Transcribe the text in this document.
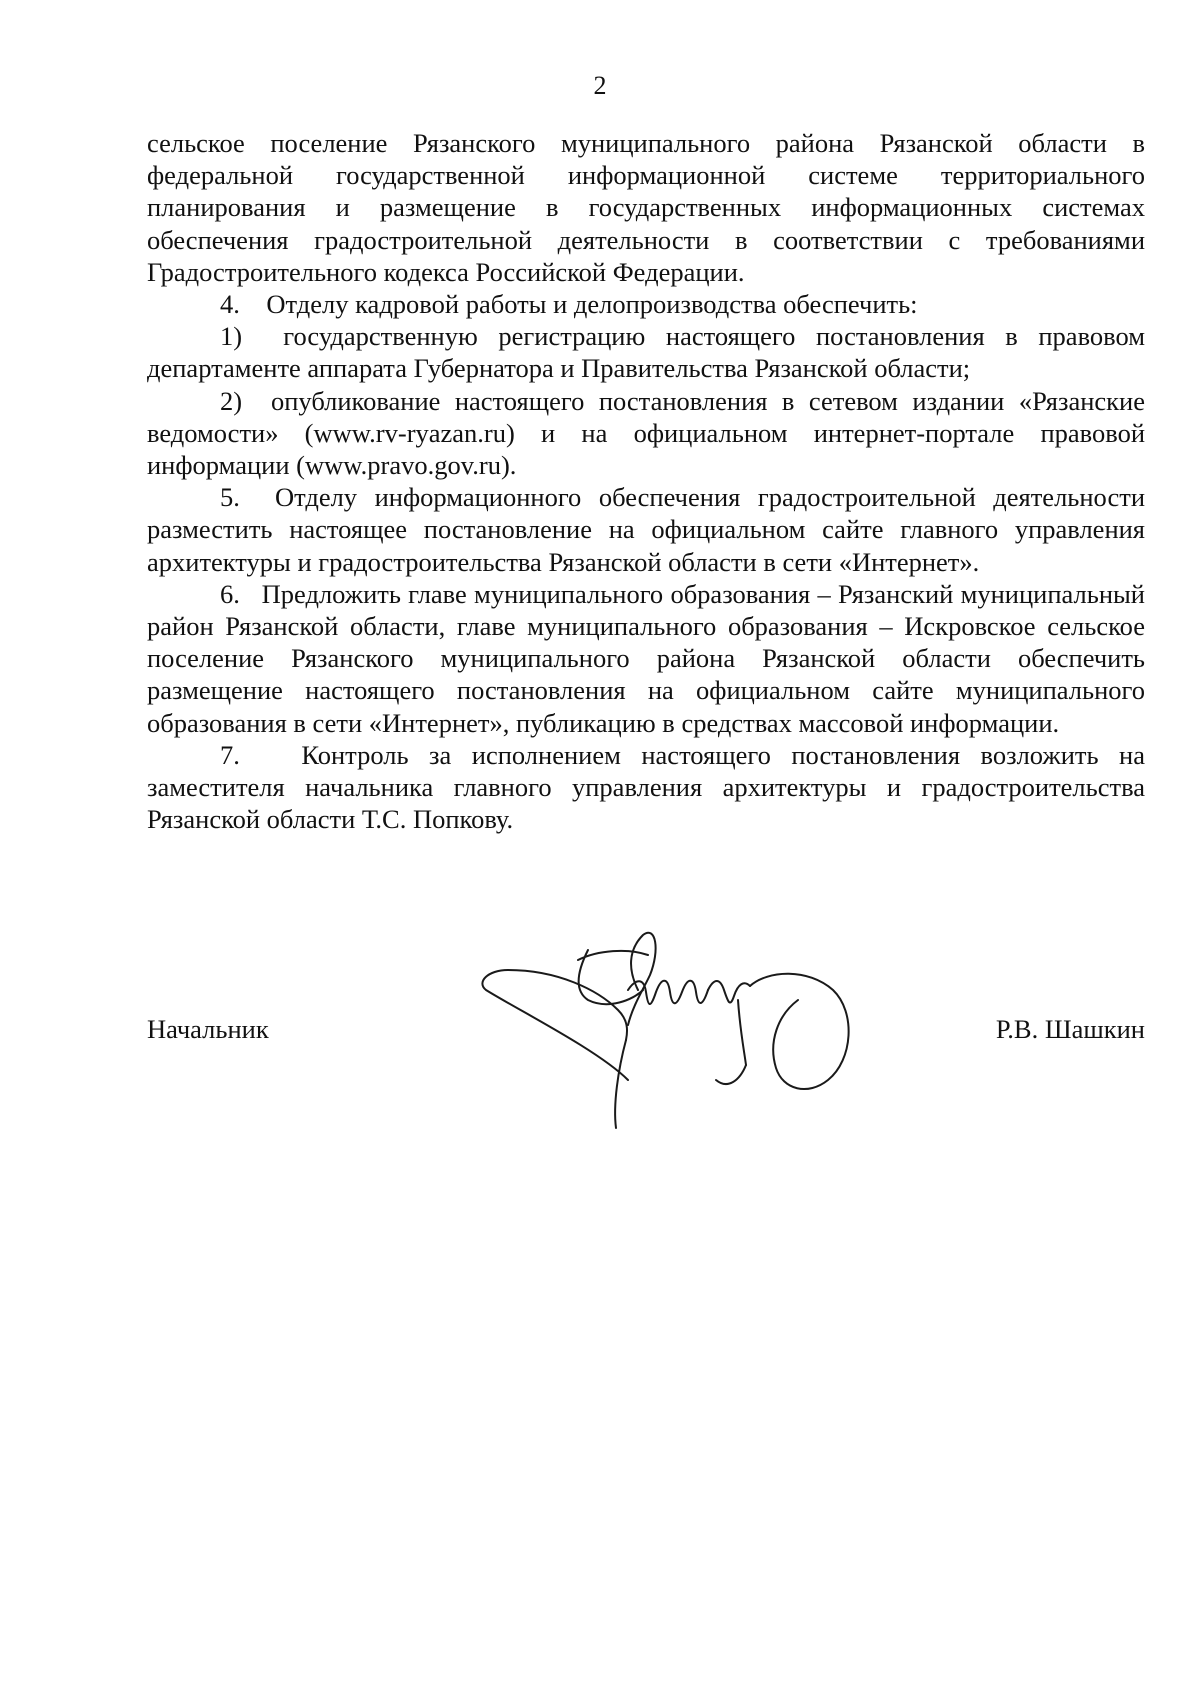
2

сельское поселение Рязанского муниципального района Рязанской области в федеральной государственной информационной системе территориального планирования и размещение в государственных информационных системах обеспечения градостроительной деятельности в соответствии с требованиями Градостроительного кодекса Российской Федерации.

4.    Отделу кадровой работы и делопроизводства обеспечить:

1)  государственную регистрацию настоящего постановления в правовом департаменте аппарата Губернатора и Правительства Рязанской области;

2)  опубликование настоящего постановления в сетевом издании «Рязанские ведомости» (www.rv-ryazan.ru) и на официальном интернет-портале правовой информации (www.pravo.gov.ru).

5.  Отделу информационного обеспечения градостроительной деятельности разместить настоящее постановление на официальном сайте главного управления архитектуры и градостроительства Рязанской области в сети «Интернет».

6.   Предложить главе муниципального образования – Рязанский муниципальный район Рязанской области, главе муниципального образования – Искровское сельское поселение Рязанского муниципального района Рязанской области обеспечить размещение настоящего постановления на официальном сайте муниципального образования в сети «Интернет», публикацию в средствах массовой информации.

7.   Контроль за исполнением настоящего постановления возложить на заместителя начальника главного управления архитектуры и градостроительства Рязанской области Т.С. Попкову.

Начальник	Р.В. Шашкин
